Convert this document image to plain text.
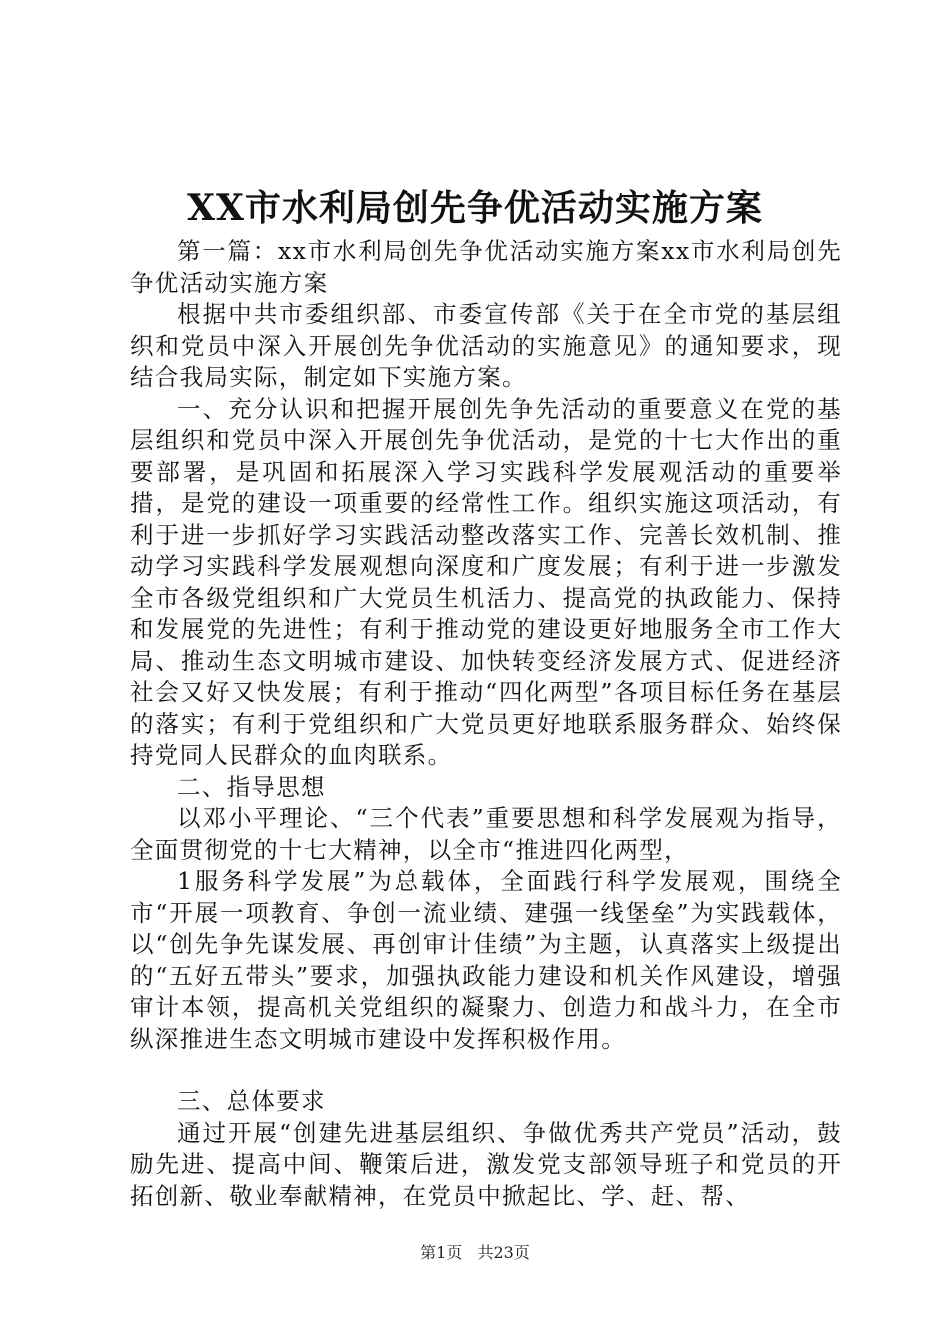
XX市水利局创先争优活动实施方案

第一篇：xx市水利局创先争优活动实施方案xx市水利局创先争优活动实施方案

根据中共市委组织部、市委宣传部《关于在全市党的基层组织和党员中深入开展创先争优活动的实施意见》的通知要求，现结合我局实际，制定如下实施方案。

一、充分认识和把握开展创先争先活动的重要意义在党的基层组织和党员中深入开展创先争优活动，是党的十七大作出的重要部署，是巩固和拓展深入学习实践科学发展观活动的重要举措，是党的建设一项重要的经常性工作。组织实施这项活动，有利于进一步抓好学习实践活动整改落实工作、完善长效机制、推动学习实践科学发展观想向深度和广度发展；有利于进一步激发全市各级党组织和广大党员生机活力、提高党的执政能力、保持和发展党的先进性；有利于推动党的建设更好地服务全市工作大局、推动生态文明城市建设、加快转变经济发展方式、促进经济社会又好又快发展；有利于推动“四化两型”各项目标任务在基层的落实；有利于党组织和广大党员更好地联系服务群众、始终保持党同人民群众的血肉联系。

二、指导思想

以邓小平理论、“三个代表”重要思想和科学发展观为指导，全面贯彻党的十七大精神，以全市“推进四化两型，

1服务科学发展”为总载体，全面践行科学发展观，围绕全市“开展一项教育、争创一流业绩、建强一线堡垒”为实践载体，以“创先争先谋发展、再创审计佳绩”为主题，认真落实上级提出的“五好五带头”要求，加强执政能力建设和机关作风建设，增强审计本领，提高机关党组织的凝聚力、创造力和战斗力，在全市纵深推进生态文明城市建设中发挥积极作用。

三、总体要求

通过开展“创建先进基层组织、争做优秀共产党员”活动，鼓励先进、提高中间、鞭策后进，激发党支部领导班子和党员的开拓创新、敬业奉献精神，在党员中掀起比、学、赶、帮、

第1页 共23页
